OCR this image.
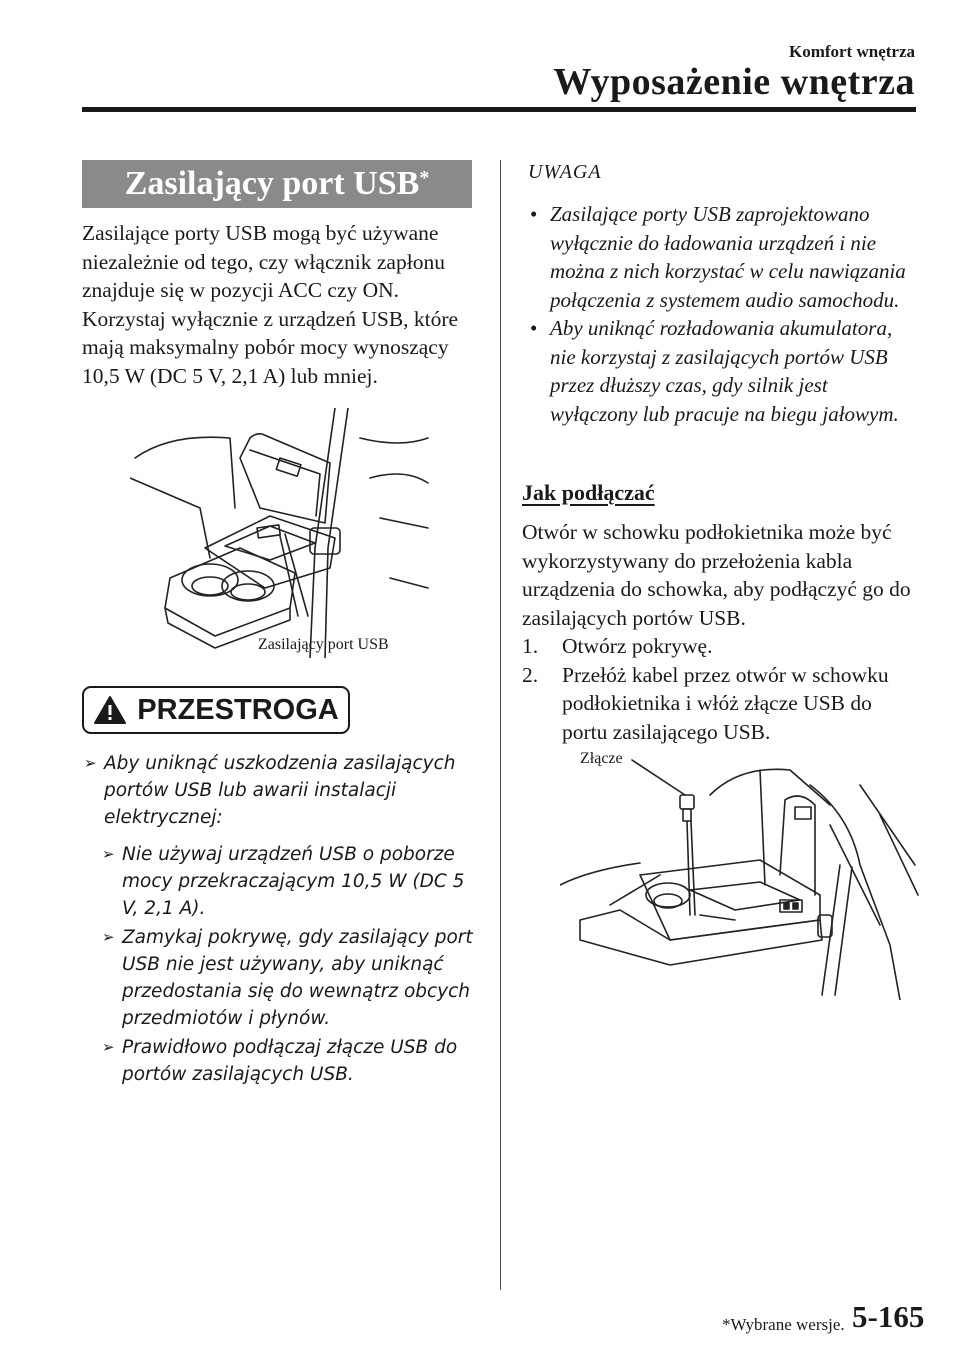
Komfort wnętrza
Wyposażenie wnętrza
Zasilający port USB*
Zasilające porty USB mogą być używane niezależnie od tego, czy włącznik zapłonu znajduje się w pozycji ACC czy ON. Korzystaj wyłącznie z urządzeń USB, które mają maksymalny pobór mocy wynoszący 10,5 W (DC 5 V, 2,1 A) lub mniej.
Zasilający port USB
PRZESTROGA
➢ Aby uniknąć uszkodzenia zasilających portów USB lub awarii instalacji elektrycznej:
➢ Nie używaj urządzeń USB o poborze mocy przekraczającym 10,5 W (DC 5 V, 2,1 A).
➢ Zamykaj pokrywę, gdy zasilający port USB nie jest używany, aby uniknąć przedostania się do wewnątrz obcych przedmiotów i płynów.
➢ Prawidłowo podłączaj złącze USB do portów zasilających USB.
UWAGA
• Zasilające porty USB zaprojektowano wyłącznie do ładowania urządzeń i nie można z nich korzystać w celu nawiązania połączenia z systemem audio samochodu.
• Aby uniknąć rozładowania akumulatora, nie korzystaj z zasilających portów USB przez dłuższy czas, gdy silnik jest wyłączony lub pracuje na biegu jałowym.
Jak podłączać
Otwór w schowku podłokietnika może być wykorzystywany do przełożenia kabla urządzenia do schowka, aby podłączyć go do zasilających portów USB.
1.	Otwórz pokrywę.
2.	Przełóż kabel przez otwór w schowku podłokietnika i włóż złącze USB do portu zasilającego USB.
Złącze
*Wybrane wersje. 5-165
